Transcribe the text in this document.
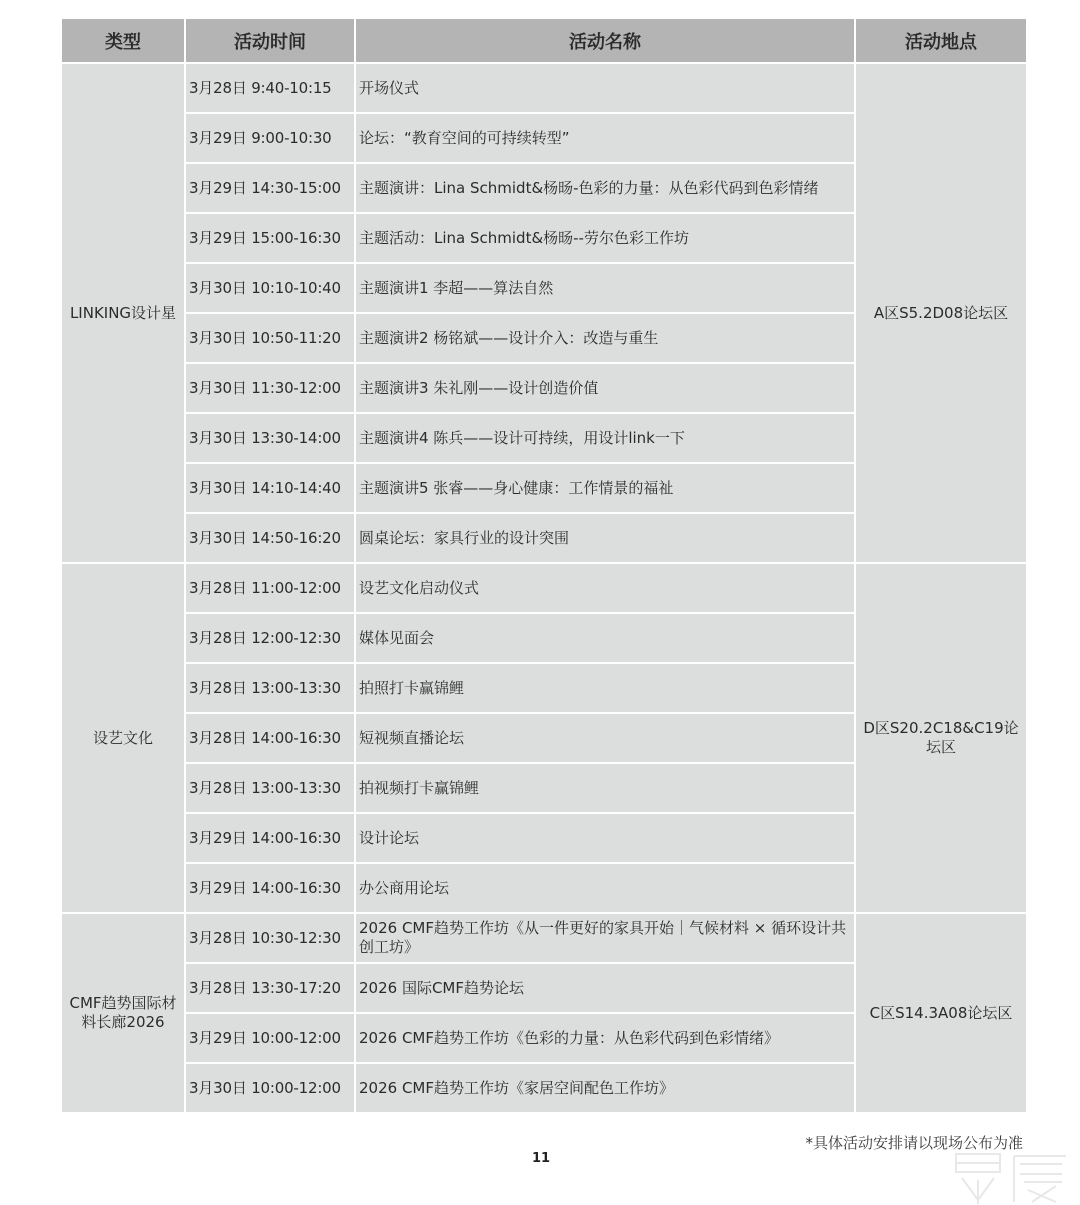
类型	活动时间	活动名称	活动地点
LINKING设计星	3月28日 9:40-10:15	开场仪式	A区S5.2D08论坛区
	3月29日 9:00-10:30	论坛：“教育空间的可持续转型”	
	3月29日 14:30-15:00	主题演讲：Lina Schmidt&杨旸-色彩的力量：从色彩代码到色彩情绪	
	3月29日 15:00-16:30	主题活动：Lina Schmidt&杨旸--劳尔色彩工作坊	
	3月30日 10:10-10:40	主题演讲1 李超——算法自然	
	3月30日 10:50-11:20	主题演讲2 杨铭斌——设计介入：改造与重生	
	3月30日 11:30-12:00	主题演讲3 朱礼刚——设计创造价值	
	3月30日 13:30-14:00	主题演讲4 陈兵——设计可持续，用设计link一下	
	3月30日 14:10-14:40	主题演讲5 张睿——身心健康：工作情景的福祉	
	3月30日 14:50-16:20	圆桌论坛：家具行业的设计突围	
设艺文化	3月28日 11:00-12:00	设艺文化启动仪式	D区S20.2C18&C19论坛区
	3月28日 12:00-12:30	媒体见面会	
	3月28日 13:00-13:30	拍照打卡赢锦鲤	
	3月28日 14:00-16:30	短视频直播论坛	
	3月28日 13:00-13:30	拍视频打卡赢锦鲤	
	3月29日 14:00-16:30	设计论坛	
	3月29日 14:00-16:30	办公商用论坛	
CMF趋势国际材料长廊2026	3月28日 10:30-12:30	2026 CMF趋势工作坊《从一件更好的家具开始｜气候材料 × 循环设计共创工坊》	C区S14.3A08论坛区
	3月28日 13:30-17:20	2026 国际CMF趋势论坛	
	3月29日 10:00-12:00	2026 CMF趋势工作坊《色彩的力量：从色彩代码到色彩情绪》	
	3月30日 10:00-12:00	2026 CMF趋势工作坊《家居空间配色工作坊》	
*具体活动安排请以现场公布为准
11
